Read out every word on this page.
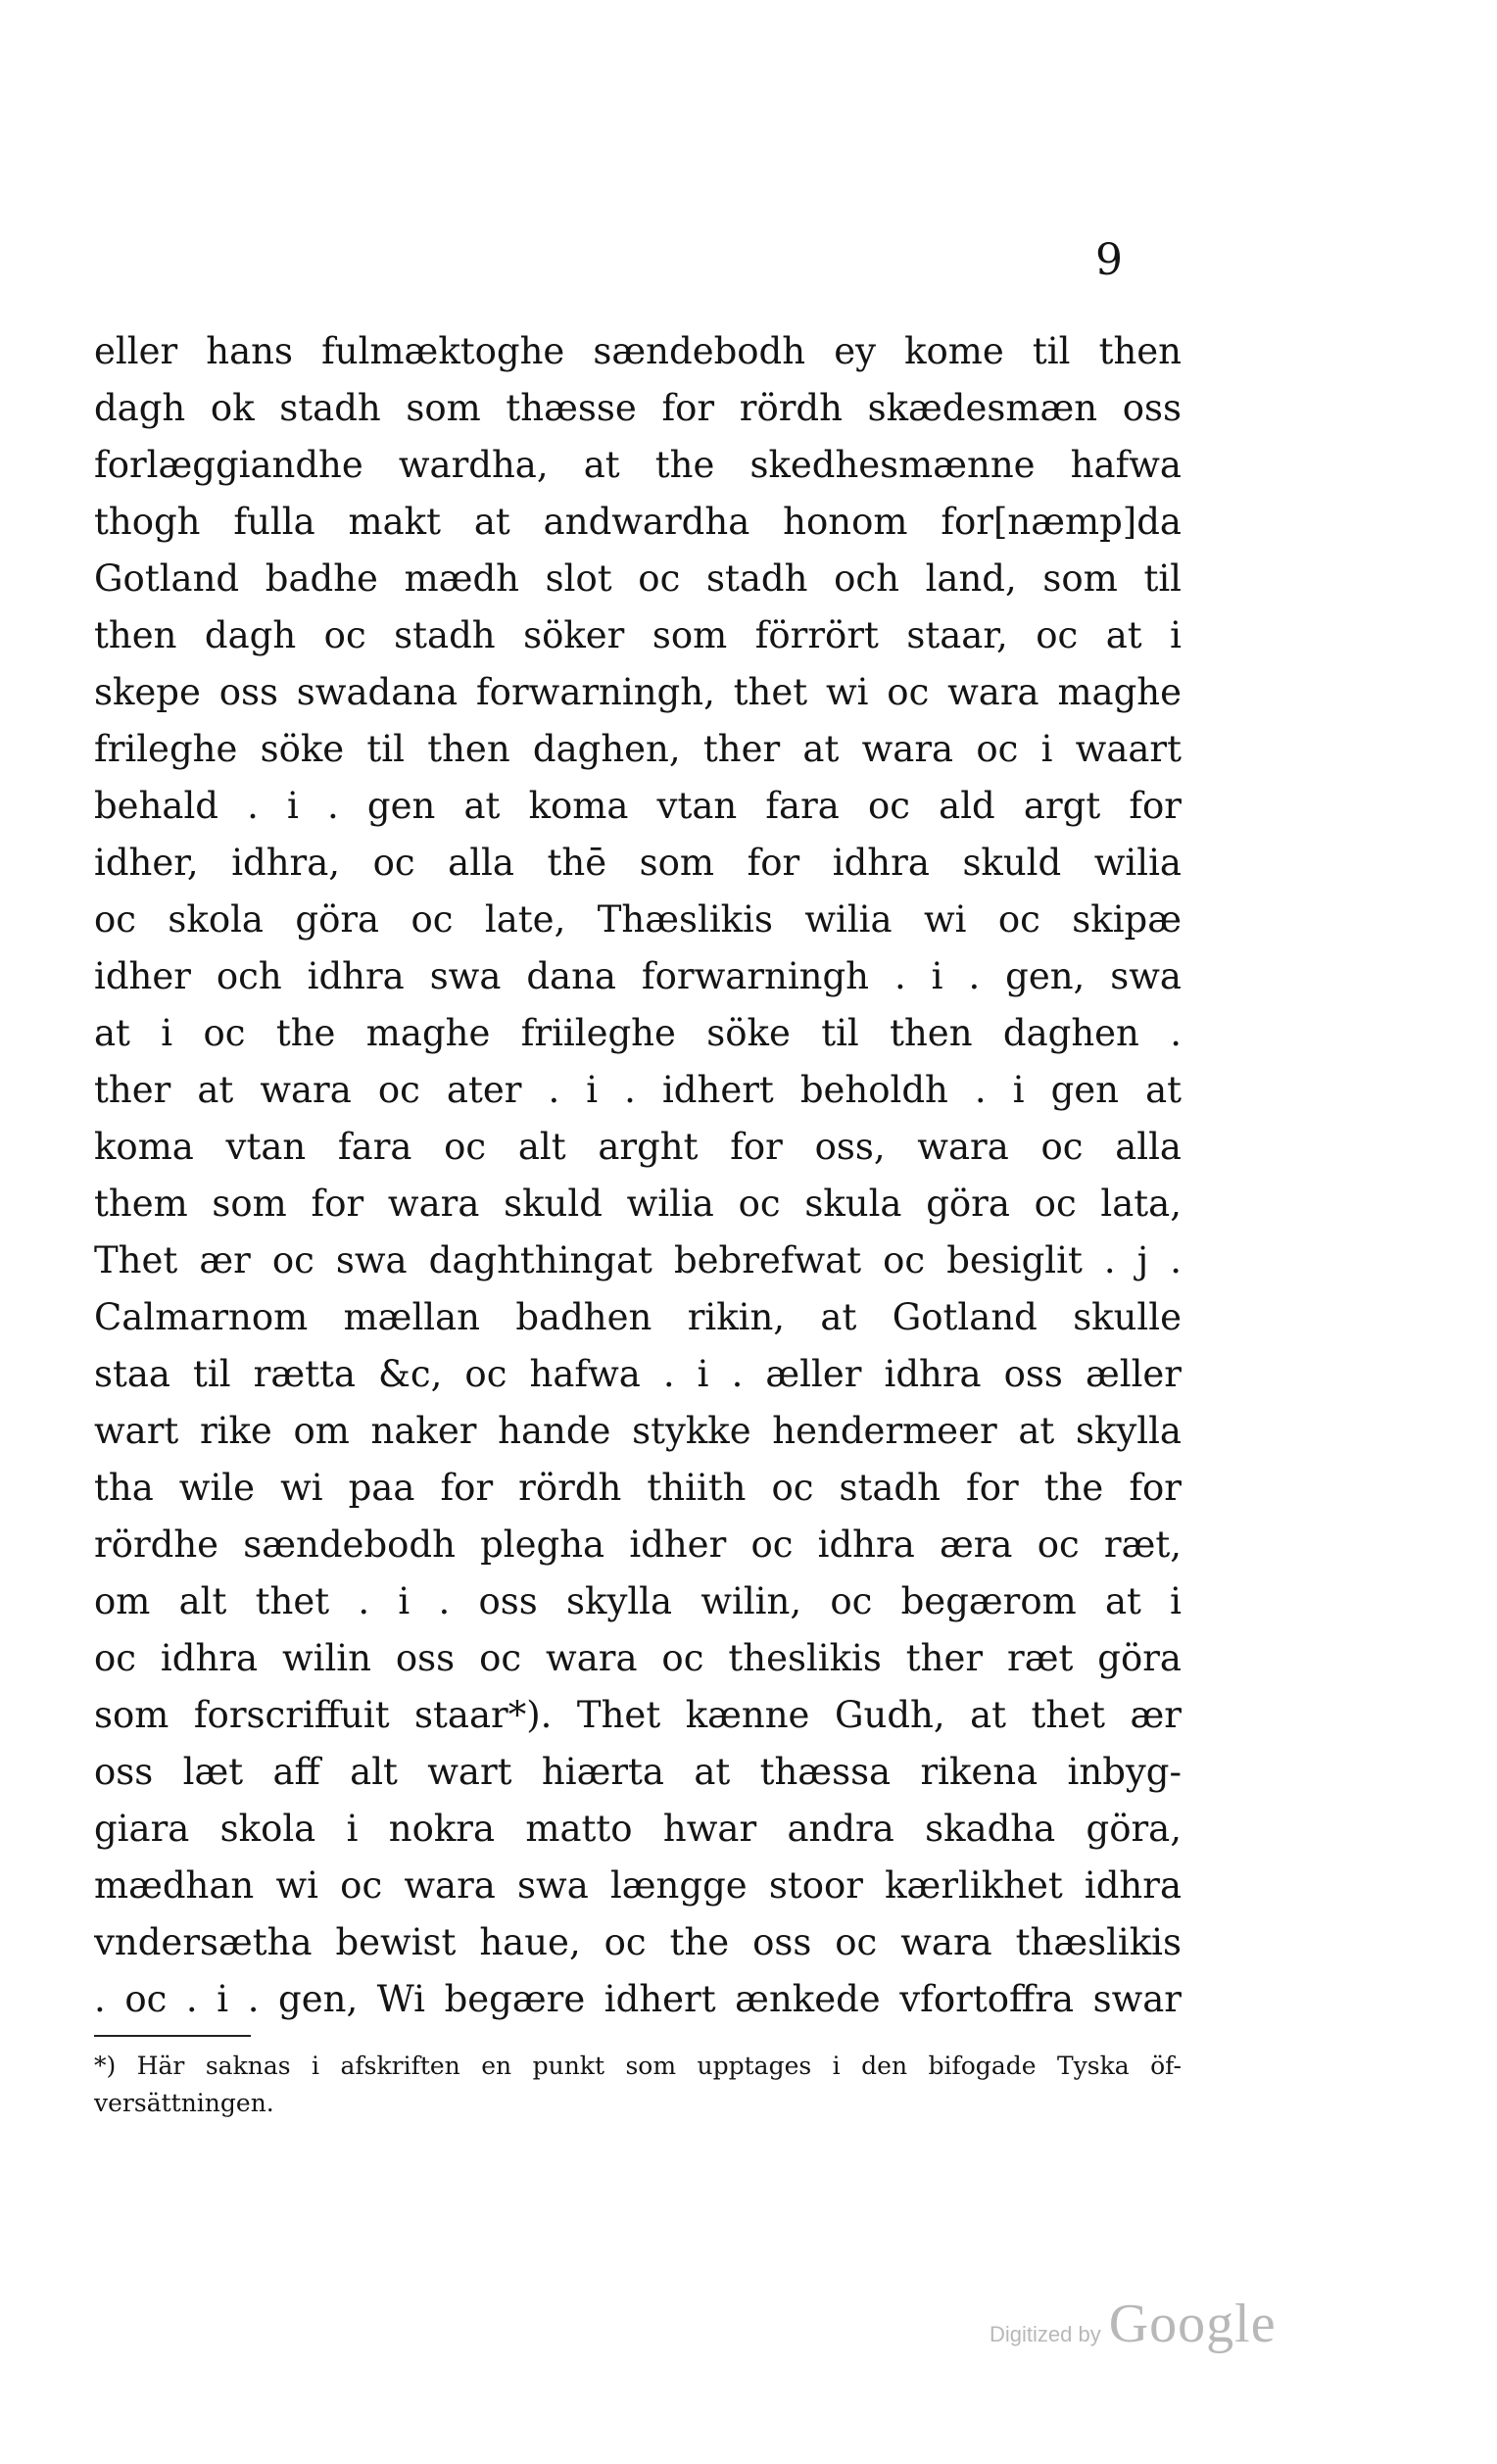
9
eller hans fulmæktoghe sændebodh ey kome til then
dagh ok stadh som thæsse for rördh skædesmæn oss
forlæggiandhe wardha, at the skedhesmænne hafwa
thogh fulla makt at andwardha honom for[næmp]da
Gotland badhe mædh slot oc stadh och land, som til
then dagh oc stadh söker som förrört staar, oc at i
skepe oss swadana forwarningh, thet wi oc wara maghe
frileghe söke til then daghen, ther at wara oc i waart
behald . i . gen at koma vtan fara oc ald argt for
idher, idhra, oc alla thē som for idhra skuld wilia
oc skola göra oc late, Thæslikis wilia wi oc skipæ
idher och idhra swa dana forwarningh . i . gen, swa
at i oc the maghe friileghe söke til then daghen .
ther at wara oc ater . i . idhert beholdh . i gen at
koma vtan fara oc alt arght for oss, wara oc alla
them som for wara skuld wilia oc skula göra oc lata,
Thet ær oc swa daghthingat bebrefwat oc besiglit . j .
Calmarnom mællan badhen rikin, at Gotland skulle
staa til rætta &c, oc hafwa . i . æller idhra oss æller
wart rike om naker hande stykke hendermeer at skylla
tha wile wi paa for rördh thiith oc stadh for the for
rördhe sændebodh plegha idher oc idhra æra oc ræt,
om alt thet . i . oss skylla wilin, oc begærom at i
oc idhra wilin oss oc wara oc theslikis ther ræt göra
som forscriffuit staar*). Thet kænne Gudh, at thet ær
oss læt aff alt wart hiærta at thæssa rikena inbyg-
giara skola i nokra matto hwar andra skadha göra,
mædhan wi oc wara swa længge stoor kærlikhet idhra
vndersætha bewist haue, oc the oss oc wara thæslikis
. oc . i . gen, Wi begære idhert ænkede vfortoffra swar
*) Här saknas i afskriften en punkt som upptages i den bifogade Tyska öf-
versättningen.
Digitized by Google
